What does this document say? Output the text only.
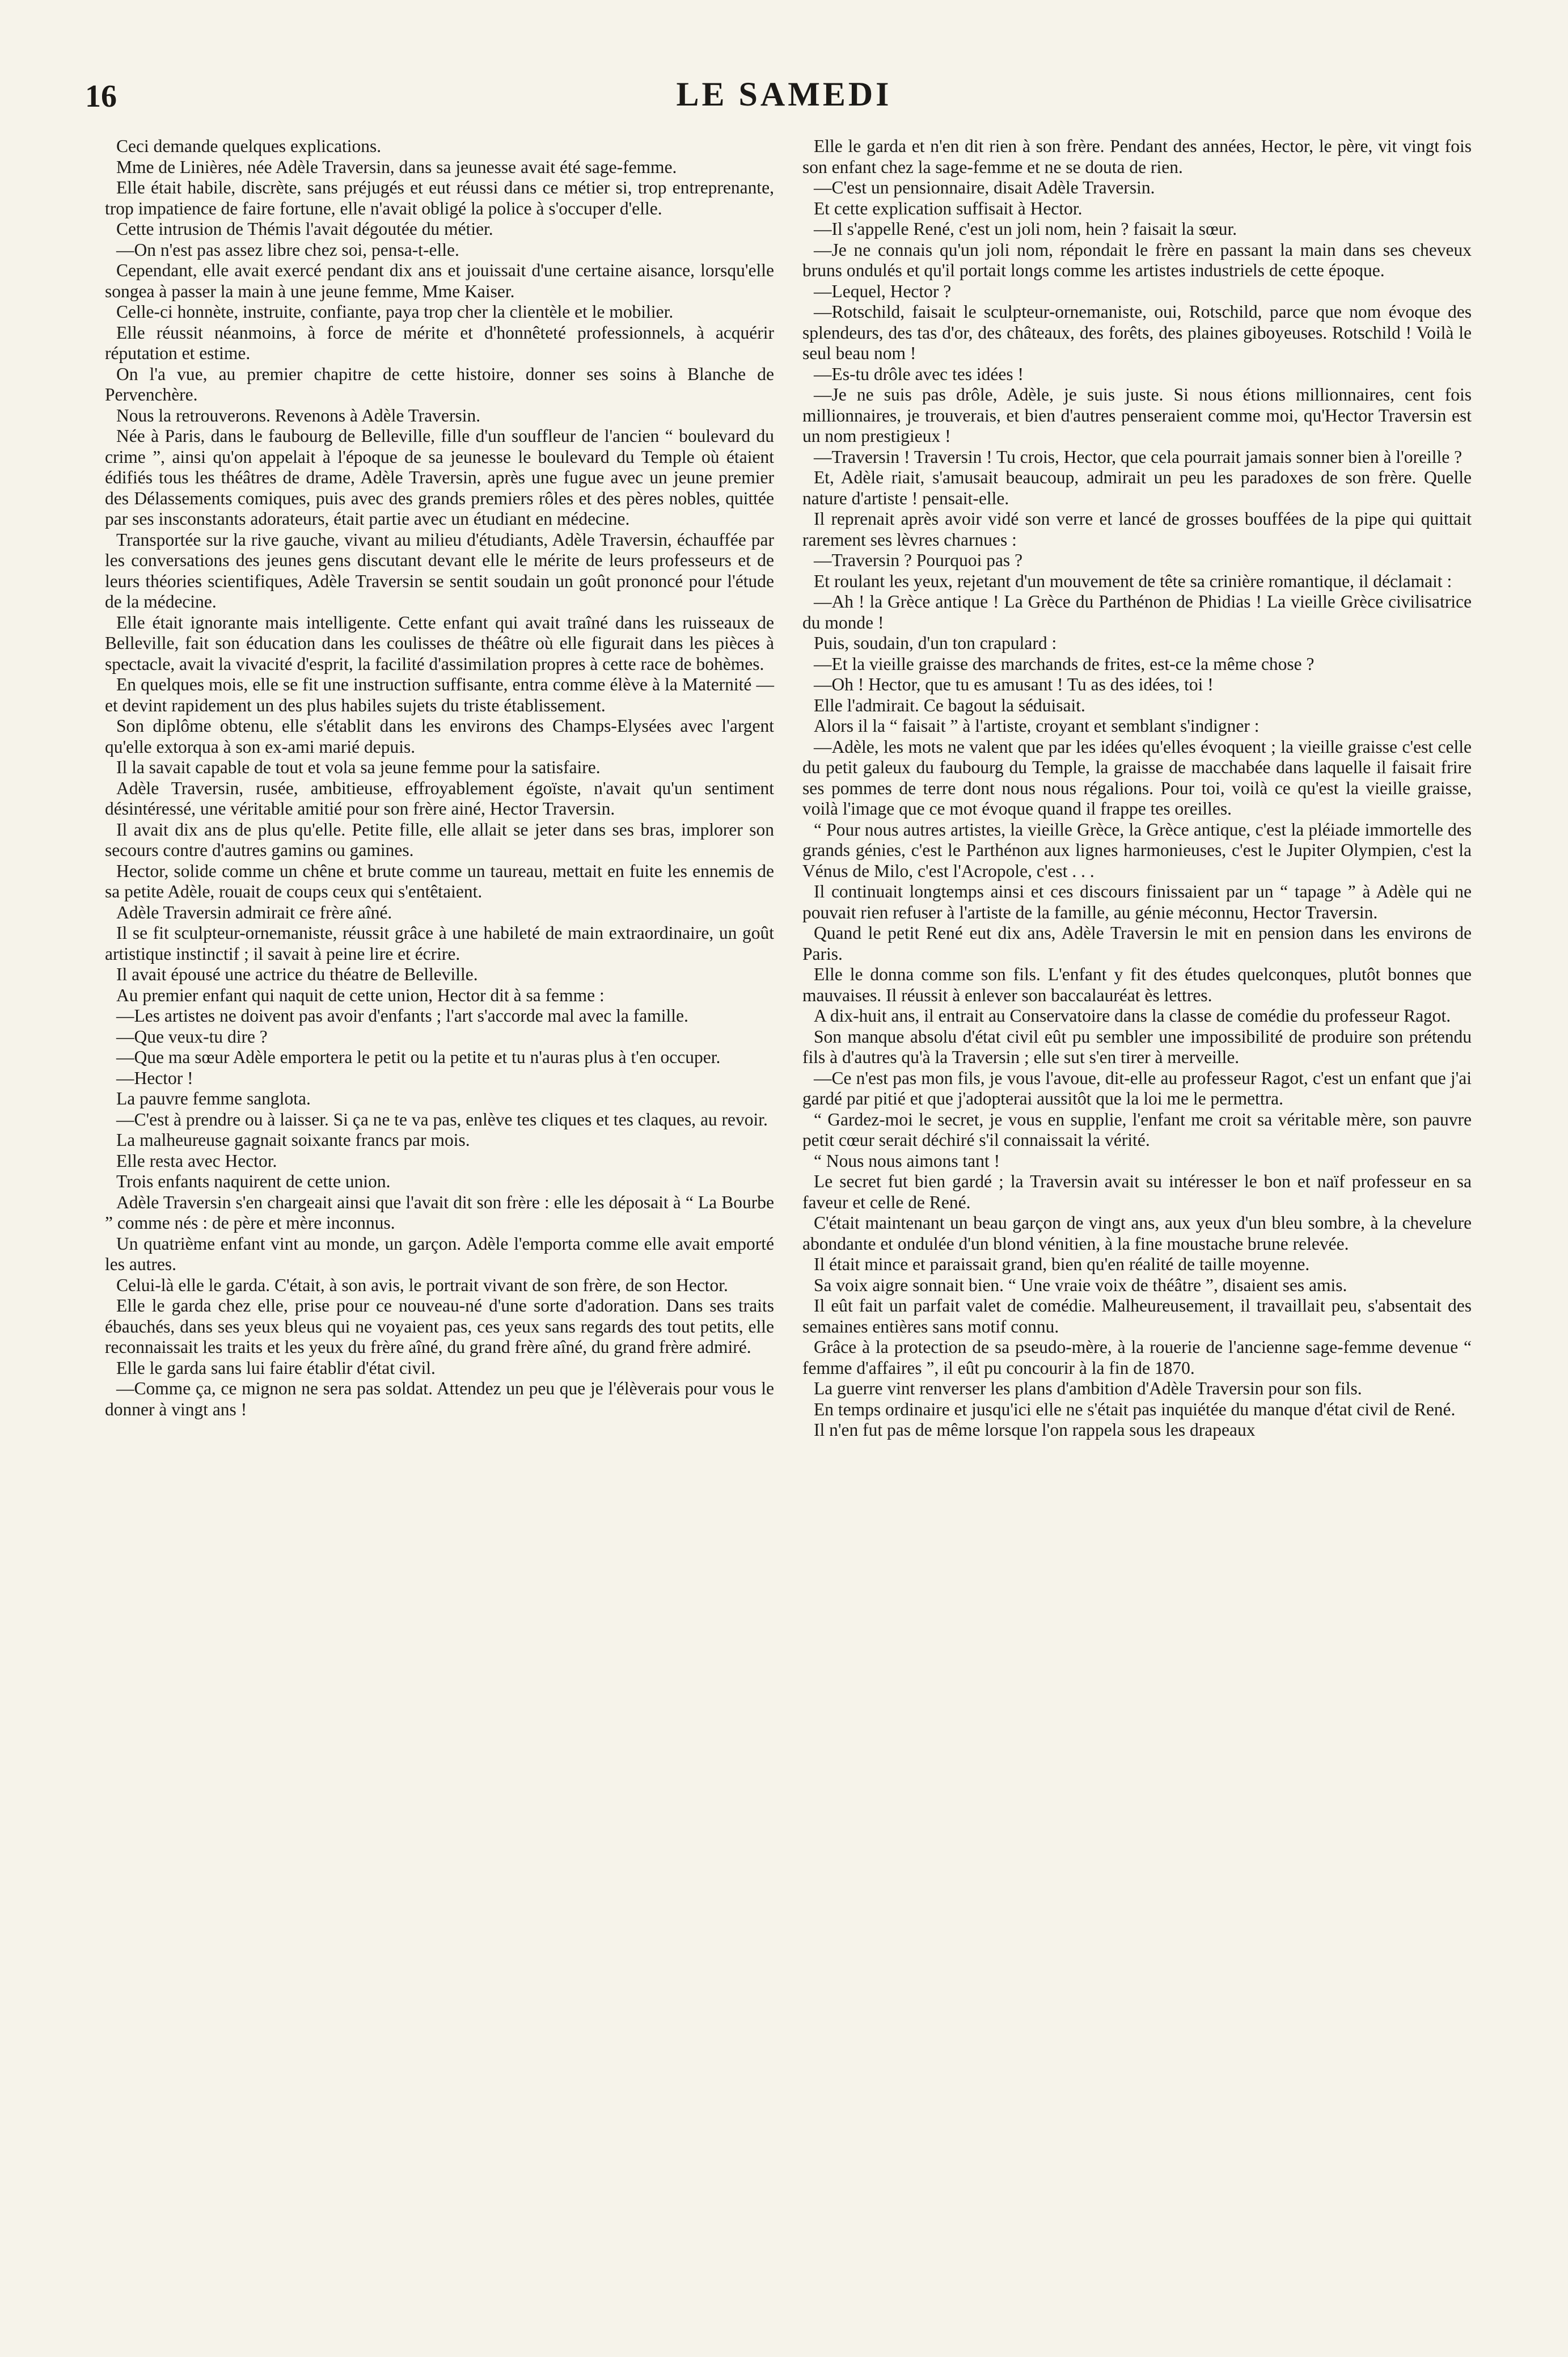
16	LE SAMEDI

Ceci demande quelques explications.

Mme de Linières, née Adèle Traversin, dans sa jeunesse avait été sage-femme.

Elle était habile, discrète, sans préjugés et eut réussi dans ce métier si, trop entreprenante, trop impatience de faire fortune, elle n'avait obligé la police à s'occuper d'elle.

Cette intrusion de Thémis l'avait dégoutée du métier.

—On n'est pas assez libre chez soi, pensa-t-elle.

Cependant, elle avait exercé pendant dix ans et jouissait d'une certaine aisance, lorsqu'elle songea à passer la main à une jeune femme, Mme Kaiser.

Celle-ci honnète, instruite, confiante, paya trop cher la clientèle et le mobilier.

Elle réussit néanmoins, à force de mérite et d'honnêteté professionnels, à acquérir réputation et estime.

On l'a vue, au premier chapitre de cette histoire, donner ses soins à Blanche de Pervenchère.

Nous la retrouverons. Revenons à Adèle Traversin.

Née à Paris, dans le faubourg de Belleville, fille d'un souffleur de l'ancien “ boulevard du crime ”, ainsi qu'on appelait à l'époque de sa jeunesse le boulevard du Temple où étaient édifiés tous les théâtres de drame, Adèle Traversin, après une fugue avec un jeune premier des Délassements comiques, puis avec des grands premiers rôles et des pères nobles, quittée par ses insconstants adorateurs, était partie avec un étudiant en médecine.

Transportée sur la rive gauche, vivant au milieu d'étudiants, Adèle Traversin, échauffée par les conversations des jeunes gens discutant devant elle le mérite de leurs professeurs et de leurs théories scientifiques, Adèle Traversin se sentit soudain un goût prononcé pour l'étude de la médecine.

Elle était ignorante mais intelligente. Cette enfant qui avait traîné dans les ruisseaux de Belleville, fait son éducation dans les coulisses de théâtre où elle figurait dans les pièces à spectacle, avait la vivacité d'esprit, la facilité d'assimilation propres à cette race de bohèmes.

En quelques mois, elle se fit une instruction suffisante, entra comme élève à la Maternité — et devint rapidement un des plus habiles sujets du triste établissement.

Son diplôme obtenu, elle s'établit dans les environs des Champs-Elysées avec l'argent qu'elle extorqua à son ex-ami marié depuis.

Il la savait capable de tout et vola sa jeune femme pour la satisfaire.

Adèle Traversin, rusée, ambitieuse, effroyablement égoïste, n'avait qu'un sentiment désintéressé, une véritable amitié pour son frère ainé, Hector Traversin.

Il avait dix ans de plus qu'elle. Petite fille, elle allait se jeter dans ses bras, implorer son secours contre d'autres gamins ou gamines.

Hector, solide comme un chêne et brute comme un taureau, mettait en fuite les ennemis de sa petite Adèle, rouait de coups ceux qui s'entêtaient.

Adèle Traversin admirait ce frère aîné.

Il se fit sculpteur-ornemaniste, réussit grâce à une habileté de main extraordinaire, un goût artistique instinctif ; il savait à peine lire et écrire.

Il avait épousé une actrice du théatre de Belleville.

Au premier enfant qui naquit de cette union, Hector dit à sa femme :

—Les artistes ne doivent pas avoir d'enfants ; l'art s'accorde mal avec la famille.

—Que veux-tu dire ?

—Que ma sœur Adèle emportera le petit ou la petite et tu n'auras plus à t'en occuper.

—Hector !

La pauvre femme sanglota.

—C'est à prendre ou à laisser. Si ça ne te va pas, enlève tes cliques et tes claques, au revoir.

La malheureuse gagnait soixante francs par mois.

Elle resta avec Hector.

Trois enfants naquirent de cette union.

Adèle Traversin s'en chargeait ainsi que l'avait dit son frère : elle les déposait à “ La Bourbe ” comme nés : de père et mère inconnus.

Un quatrième enfant vint au monde, un garçon. Adèle l'emporta comme elle avait emporté les autres.

Celui-là elle le garda. C'était, à son avis, le portrait vivant de son frère, de son Hector.

Elle le garda chez elle, prise pour ce nouveau-né d'une sorte d'adoration. Dans ses traits ébauchés, dans ses yeux bleus qui ne voyaient pas, ces yeux sans regards des tout petits, elle reconnaissait les traits et les yeux du frère aîné, du grand frère aîné, du grand frère admiré.

Elle le garda sans lui faire établir d'état civil.

—Comme ça, ce mignon ne sera pas soldat. Attendez un peu que je l'élèverais pour vous le donner à vingt ans !

Elle le garda et n'en dit rien à son frère. Pendant des années, Hector, le père, vit vingt fois son enfant chez la sage-femme et ne se douta de rien.

—C'est un pensionnaire, disait Adèle Traversin.

Et cette explication suffisait à Hector.

—Il s'appelle René, c'est un joli nom, hein ? faisait la sœur.

—Je ne connais qu'un joli nom, répondait le frère en passant la main dans ses cheveux bruns ondulés et qu'il portait longs comme les artistes industriels de cette époque.

—Lequel, Hector ?

—Rotschild, faisait le sculpteur-ornemaniste, oui, Rotschild, parce que nom évoque des splendeurs, des tas d'or, des châteaux, des forêts, des plaines giboyeuses. Rotschild ! Voilà le seul beau nom !

—Es-tu drôle avec tes idées !

—Je ne suis pas drôle, Adèle, je suis juste. Si nous étions millionnaires, cent fois millionnaires, je trouverais, et bien d'autres penseraient comme moi, qu'Hector Traversin est un nom prestigieux !

—Traversin ! Traversin ! Tu crois, Hector, que cela pourrait jamais sonner bien à l'oreille ?

Et, Adèle riait, s'amusait beaucoup, admirait un peu les paradoxes de son frère. Quelle nature d'artiste ! pensait-elle.

Il reprenait après avoir vidé son verre et lancé de grosses bouffées de la pipe qui quittait rarement ses lèvres charnues :

—Traversin ? Pourquoi pas ?

Et roulant les yeux, rejetant d'un mouvement de tête sa crinière romantique, il déclamait :

—Ah ! la Grèce antique ! La Grèce du Parthénon de Phidias ! La vieille Grèce civilisatrice du monde !

Puis, soudain, d'un ton crapulard :

—Et la vieille graisse des marchands de frites, est-ce la même chose ?

—Oh ! Hector, que tu es amusant ! Tu as des idées, toi !

Elle l'admirait. Ce bagout la séduisait.

Alors il la “ faisait ” à l'artiste, croyant et semblant s'indigner :

—Adèle, les mots ne valent que par les idées qu'elles évoquent ; la vieille graisse c'est celle du petit galeux du faubourg du Temple, la graisse de macchabée dans laquelle il faisait frire ses pommes de terre dont nous nous régalions. Pour toi, voilà ce qu'est la vieille graisse, voilà l'image que ce mot évoque quand il frappe tes oreilles.

“ Pour nous autres artistes, la vieille Grèce, la Grèce antique, c'est la pléiade immortelle des grands génies, c'est le Parthénon aux lignes harmonieuses, c'est le Jupiter Olympien, c'est la Vénus de Milo, c'est l'Acropole, c'est . . .

Il continuait longtemps ainsi et ces discours finissaient par un “ tapage ” à Adèle qui ne pouvait rien refuser à l'artiste de la famille, au génie méconnu, Hector Traversin.

Quand le petit René eut dix ans, Adèle Traversin le mit en pension dans les environs de Paris.

Elle le donna comme son fils. L'enfant y fit des études quelconques, plutôt bonnes que mauvaises. Il réussit à enlever son baccalauréat ès lettres.

A dix-huit ans, il entrait au Conservatoire dans la classe de comédie du professeur Ragot.

Son manque absolu d'état civil eût pu sembler une impossibilité de produire son prétendu fils à d'autres qu'à la Traversin ; elle sut s'en tirer à merveille.

—Ce n'est pas mon fils, je vous l'avoue, dit-elle au professeur Ragot, c'est un enfant que j'ai gardé par pitié et que j'adopterai aussitôt que la loi me le permettra.

“ Gardez-moi le secret, je vous en supplie, l'enfant me croit sa véritable mère, son pauvre petit cœur serait déchiré s'il connaissait la vérité.

“ Nous nous aimons tant !

Le secret fut bien gardé ; la Traversin avait su intéresser le bon et naïf professeur en sa faveur et celle de René.

C'était maintenant un beau garçon de vingt ans, aux yeux d'un bleu sombre, à la chevelure abondante et ondulée d'un blond vénitien, à la fine moustache brune relevée.

Il était mince et paraissait grand, bien qu'en réalité de taille moyenne.

Sa voix aigre sonnait bien. “ Une vraie voix de théâtre ”, disaient ses amis.

Il eût fait un parfait valet de comédie. Malheureusement, il travaillait peu, s'absentait des semaines entières sans motif connu.

Grâce à la protection de sa pseudo-mère, à la rouerie de l'ancienne sage-femme devenue “ femme d'affaires ”, il eût pu concourir à la fin de 1870.

La guerre vint renverser les plans d'ambition d'Adèle Traversin pour son fils.

En temps ordinaire et jusqu'ici elle ne s'était pas inquiétée du manque d'état civil de René.

Il n'en fut pas de même lorsque l'on rappela sous les drapeaux
